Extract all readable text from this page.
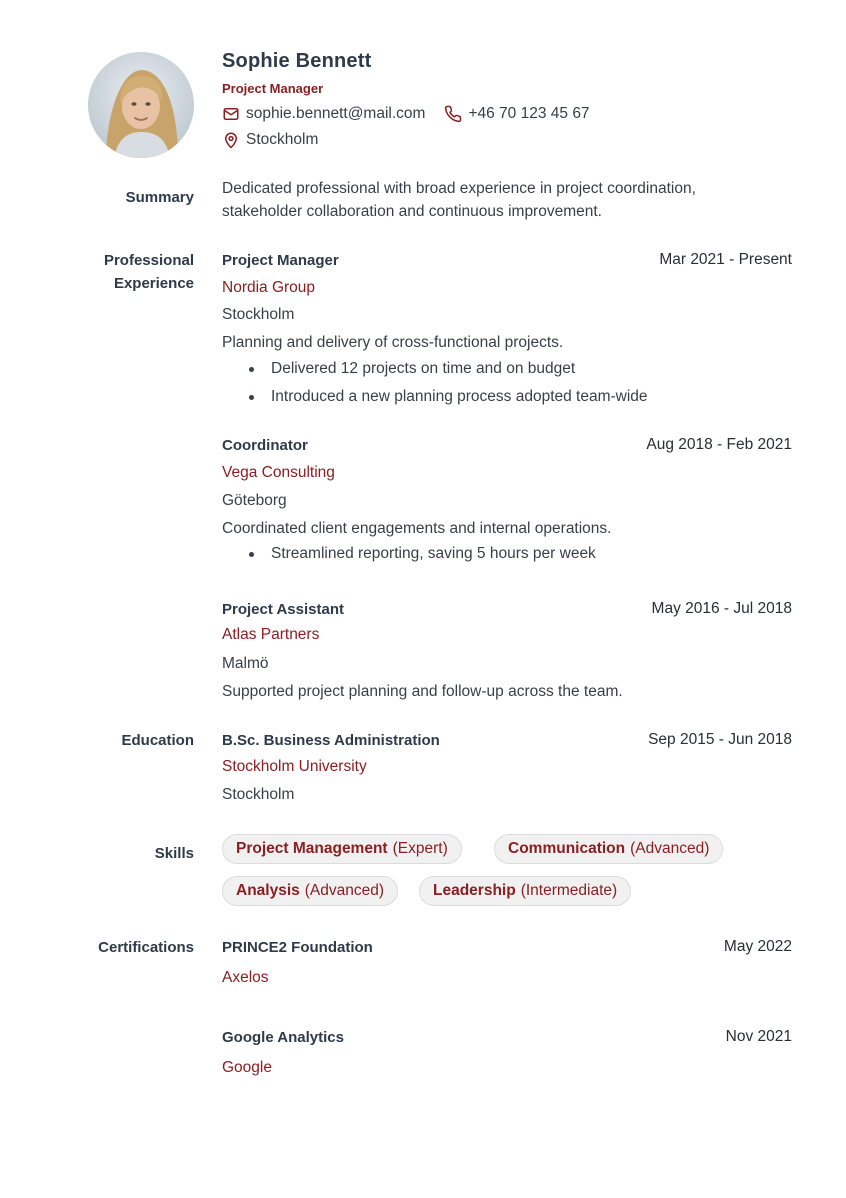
Sophie Bennett
Project Manager
sophie.bennett@mail.com	+46 70 123 45 67
Stockholm
Summary
Dedicated professional with broad experience in project coordination,
stakeholder collaboration and continuous improvement.
Professional
Experience
Project Manager	Mar 2021 - Present
Nordia Group
Stockholm
Planning and delivery of cross-functional projects.
Delivered 12 projects on time and on budget
Introduced a new planning process adopted team-wide
Coordinator	Aug 2018 - Feb 2021
Vega Consulting
Göteborg
Coordinated client engagements and internal operations.
Streamlined reporting, saving 5 hours per week
Project Assistant	May 2016 - Jul 2018
Atlas Partners
Malmö
Supported project planning and follow-up across the team.
Education B.Sc. Business Administration	Sep 2015 - Jun 2018
Stockholm University
Stockholm
Skills	Project Management (Expert)	Communication (Advanced)
Analysis (Advanced)	Leadership (Intermediate)
Certifications PRINCE2 Foundation	May 2022
Axelos
Google Analytics	Nov 2021
Google
